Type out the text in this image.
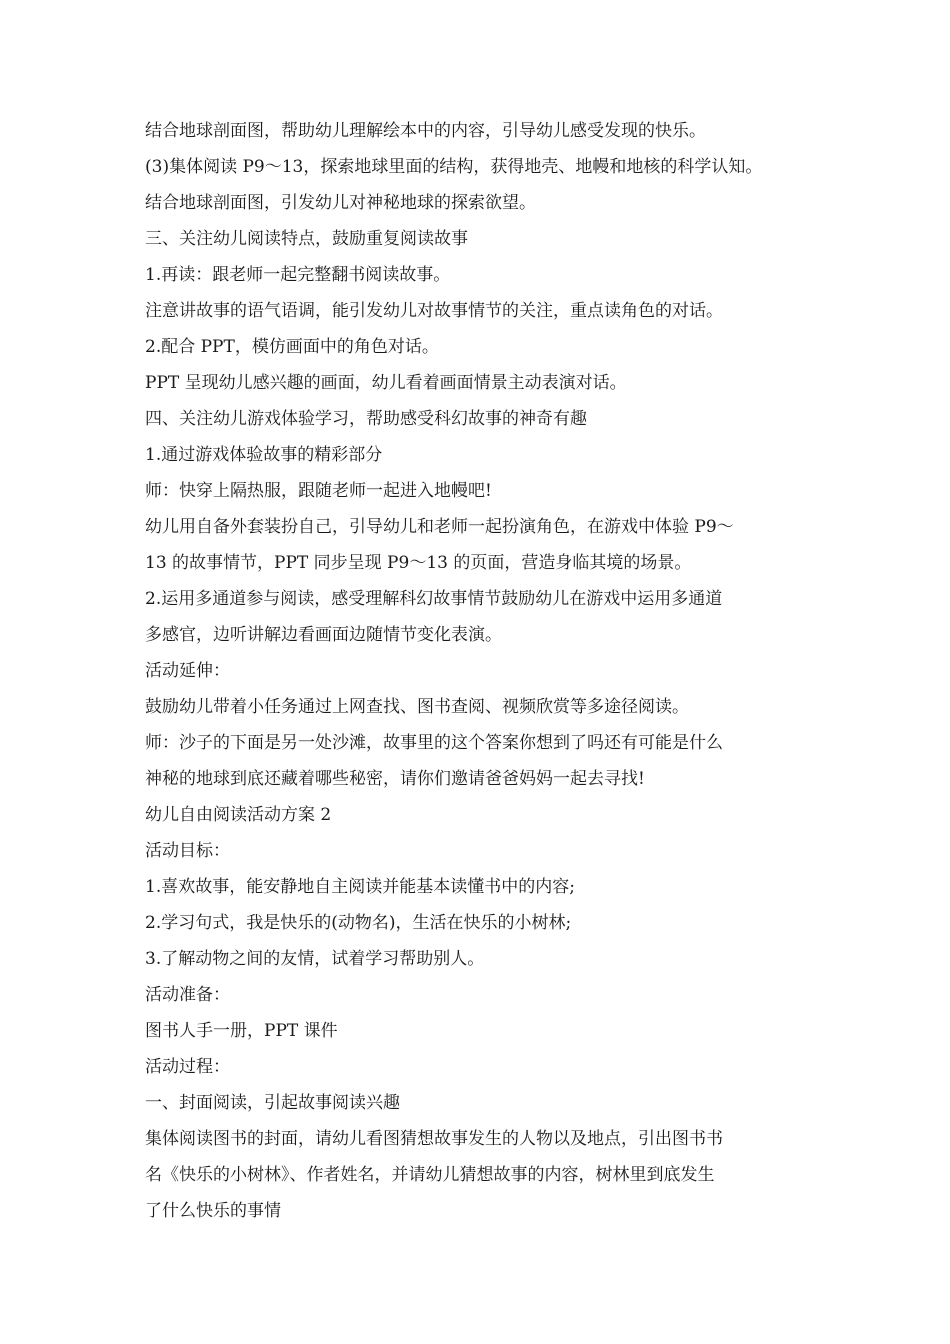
结合地球剖面图，帮助幼儿理解绘本中的内容，引导幼儿感受发现的快乐。

(3)集体阅读 P9～13，探索地球里面的结构，获得地壳、地幔和地核的科学认知。

结合地球剖面图，引发幼儿对神秘地球的探索欲望。

三、关注幼儿阅读特点，鼓励重复阅读故事

1.再读：跟老师一起完整翻书阅读故事。

注意讲故事的语气语调，能引发幼儿对故事情节的关注，重点读角色的对话。

2.配合 PPT，模仿画面中的角色对话。

PPT 呈现幼儿感兴趣的画面，幼儿看着画面情景主动表演对话。

四、关注幼儿游戏体验学习，帮助感受科幻故事的神奇有趣

1.通过游戏体验故事的精彩部分

师：快穿上隔热服，跟随老师一起进入地幔吧!

幼儿用自备外套装扮自己，引导幼儿和老师一起扮演角色，在游戏中体验 P9～

13 的故事情节，PPT 同步呈现 P9～13 的页面，营造身临其境的场景。

2.运用多通道参与阅读，感受理解科幻故事情节鼓励幼儿在游戏中运用多通道

多感官，边听讲解边看画面边随情节变化表演。

活动延伸：

鼓励幼儿带着小任务通过上网查找、图书查阅、视频欣赏等多途径阅读。

师：沙子的下面是另一处沙滩，故事里的这个答案你想到了吗还有可能是什么

神秘的地球到底还藏着哪些秘密，请你们邀请爸爸妈妈一起去寻找!

幼儿自由阅读活动方案 2

活动目标：

1.喜欢故事，能安静地自主阅读并能基本读懂书中的内容;

2.学习句式，我是快乐的(动物名)，生活在快乐的小树林;

3.了解动物之间的友情，试着学习帮助别人。

活动准备：

图书人手一册，PPT 课件

活动过程：

一、封面阅读，引起故事阅读兴趣

集体阅读图书的封面，请幼儿看图猜想故事发生的人物以及地点，引出图书书

名《快乐的小树林》、作者姓名，并请幼儿猜想故事的内容，树林里到底发生

了什么快乐的事情
